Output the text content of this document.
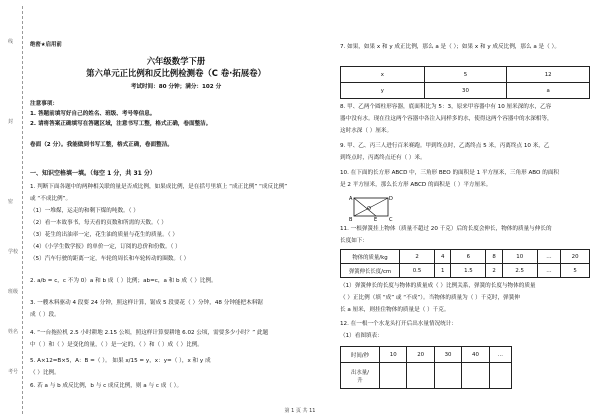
线
封
密
学校
班级
姓名
考号
绝密★启用前
六年级数学下册
第六单元正比例和反比例检测卷（C 卷·拓展卷）
考试时间：80 分钟；满分：102 分
注意事项：
1. 答题前填写好自己的姓名、班级、考号等信息。
2. 请将答案正确填写在答题区域，注意书写工整，格式正确，卷面整洁。
卷面（2 分）。我能做到书写工整，格式正确，卷面整洁。
一、知识空格填一填。（每空 1 分，共 31 分）
1. 判断下面各题中的两种相关联的量是否成比例，如果成比例，是在括号里填上 “成正比例” “成反比例”
或 “不成比例”。
（1）一堆煤，运走的和剩下煤的吨数。（ ）
（2）看一本故事书，每天看的页数和所需的天数。（ ）
（3）花生的出油率一定，花生油的质量与花生的质量。（ ）
（4）《小学生数学报》的单价一定，订阅的总价和份数。（ ）
（5）汽车行驶的距离一定，车轮的周长和车轮转动的圈数。（ ）
2. a/b = c，c 不为 0）a 和 b 成（ ）比例；ab=c，a 和 b 成（ ）比例。
3. 一艘木料驱动 4 段要 24 分钟，照这样计算，锯成 5 段要花（ ）分钟，48 分钟能把木料锯
成（ ）段。
4. “一台拖拉机 2.5 小时耕地 2.15 公顷，照这样计算要耕地 6.02 公顷，需要多少小时？” 此题
中（ ）和（ ）是变化的量，（ ）是一定的，（ ）和（ ）成（ ）比例。
5. A×12=B×5，A：B =（ ）。 如果 x/15 = y，x：y=（ ），x 和 y 成
（ ）比例。
6. 若 a 与 b 成反比例，b 与 c 成反比例，则 a 与 c 成（ ）。
7. 如果，如果 x 和 y 成正比例，那么 a 是（ ）；如果 x 和 y 成反比例，那么 a 是（ ）。
x	5	12
y	30	a
8. 甲、乙两个圆柱形容器，底面积比为 5：3，原来甲容器中有 10 厘米深的水，乙容
器中没有水。现在往这两个容器中各注入同样多的水，使得这两个容器中的水深相等，
这时水深（ ）厘米。
9. 甲、乙、丙三人进行百米赛跑。甲到终点时，乙离终点 5 米，丙离终点 10 米，乙
到终点时，丙离终点还有（ ）米。
10. 在下面的长方形 ABCD 中，三角形 BEO 的面积是 1 平方厘米，三角形 ABO 的面积
是 2 平方厘米，那么长方形 ABCD 的面积是（ ）平方厘米。
A	D
E
O
B	C
11. 一根弹簧挂上物体（质量不超过 20 千克）后的长度会伸长，物体的质量与伸长的
长度如下：
物体的质量/kg	2	4	6	8	10	…	20
弹簧伸长长度/cm	0.5	1	1.5	2	2.5	…	5
（1）弹簧伸长的长度与物体的质量成（ ）比例关系，弹簧的长度与物体的质量
（ ）正比例（填 “成” 或 “不成”）。当物体的质量为（ ）千克时，弹簧伸
长 a 厘米，则挂住物体的质量是（ ）千克。
12. 在一根一个水龙头打开后出水量情况统计：
（1）看图填表：
时间/秒	10	20	30	40	…
出水量/
升					
第 1 页 共 11
